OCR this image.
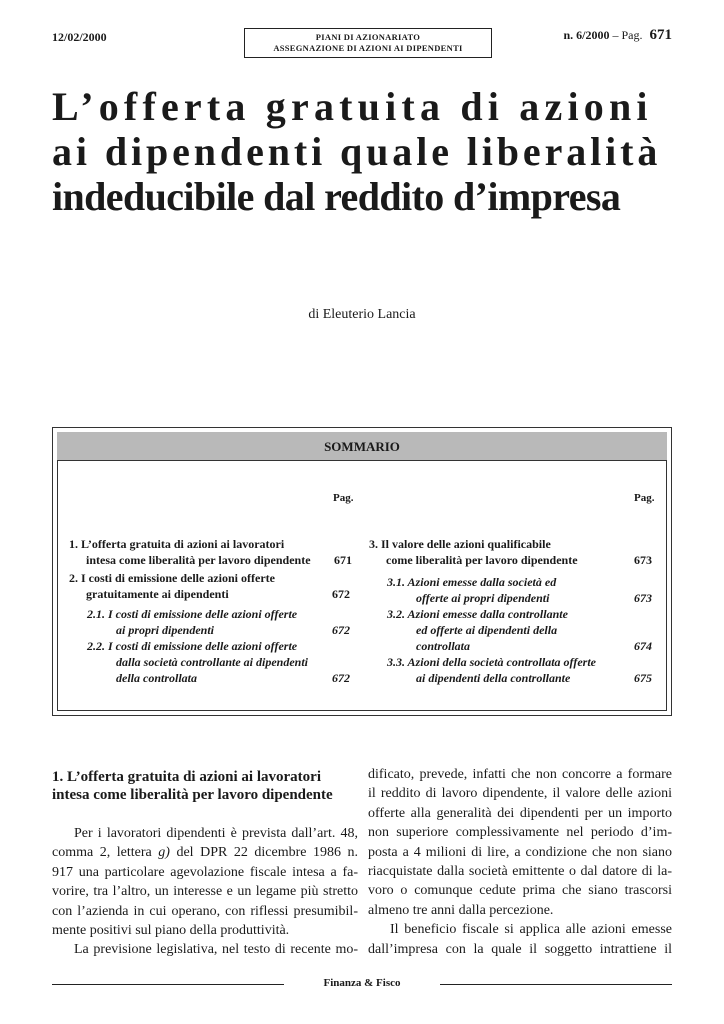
12/02/2000	PIANI DI AZIONARIATO
ASSEGNAZIONE DI AZIONI AI DIPENDENTI
n. 6/2000 – Pag. 671
L’offerta gratuita di azioni
ai dipendenti quale liberalità
indeducibile dal reddito d’impresa
di Eleuterio Lancia
SOMMARIO
Pag.	Pag.
1. L’offerta gratuita di azioni ai lavoratori
intesa come liberalità per lavoro dipendente 671
2. I costi di emissione delle azioni offerte
gratuitamente ai dipendenti	672
2.1. I costi di emissione delle azioni offerte
ai propri dipendenti	672
2.2. I costi di emissione delle azioni offerte
dalla società controllante ai dipendenti
della controllata	672
3. Il valore delle azioni qualificabile
come liberalità per lavoro dipendente	673
3.1. Azioni emesse dalla società ed
offerte ai propri dipendenti	673
3.2. Azioni emesse dalla controllante
ed offerte ai dipendenti della
controllata	674
3.3. Azioni della società controllata offerte
ai dipendenti della controllante	675
1. L’offerta gratuita di azioni ai lavoratori
intesa come liberalità per lavoro dipendente
Per i lavoratori dipendenti è prevista dall’art. 48,
comma 2, lettera g) del DPR 22 dicembre 1986 n.
917 una particolare agevolazione fiscale intesa a fa-
vorire, tra l’altro, un interesse e un legame più stretto
con l’azienda in cui operano, con riflessi presumibil-
mente positivi sul piano della produttività.
La previsione legislativa, nel testo di recente mo-
dificato, prevede, infatti che non concorre a formare
il reddito di lavoro dipendente, il valore delle azioni
offerte alla generalità dei dipendenti per un importo
non superiore complessivamente nel periodo d’im-
posta a 4 milioni di lire, a condizione che non siano
riacquistate dalla società emittente o dal datore di la-
voro o comunque cedute prima che siano trascorsi
almeno tre anni dalla percezione.
Il beneficio fiscale si applica alle azioni emesse
dall’impresa con la quale il soggetto intrattiene il
Finanza & Fisco
